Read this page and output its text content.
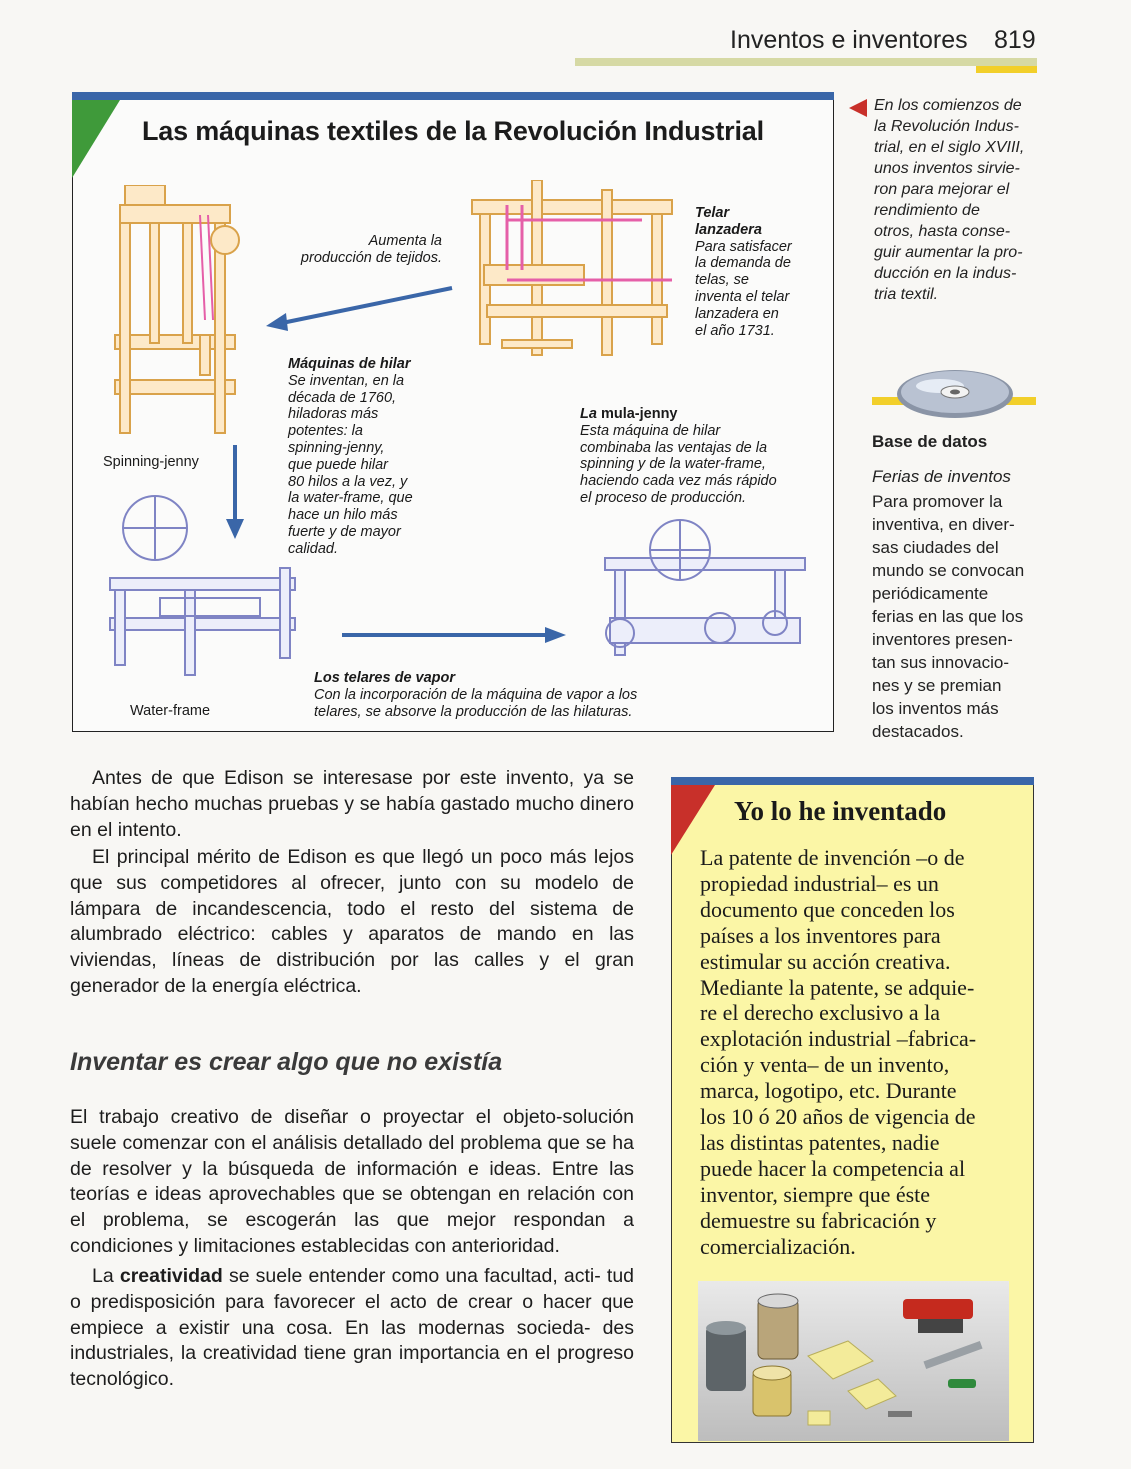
Inventos e inventores 819
Las máquinas textiles de la Revolución Industrial
Spinning-jenny
Water-frame
Aumenta la
producción de tejidos.
Telar
lanzadera
Para satisfacer
la demanda de
telas, se
inventa el telar
lanzadera en
el año 1731.
Máquinas de hilar
Se inventan, en la
década de 1760,
hiladoras más
potentes: la
spinning-jenny,
que puede hilar
80 hilos a la vez, y
la water-frame, que
hace un hilo más
fuerte y de mayor
calidad.
La mula-jenny
Esta máquina de hilar
combinaba las ventajas de la
spinning y de la water-frame,
haciendo cada vez más rápido
el proceso de producción.
Los telares de vapor
Con la incorporación de la máquina de vapor a los
telares, se absorve la producción de las hilaturas.
En los comienzos de
la Revolución Indus-
trial, en el siglo XVIII,
unos inventos sirvie-
ron para mejorar el
rendimiento de
otros, hasta conse-
guir aumentar la pro-
ducción en la indus-
tria textil.
Base de datos
Ferias de inventos
Para promover la
inventiva, en diver-
sas ciudades del
mundo se convocan
periódicamente
ferias en las que los
inventores presen-
tan sus innovacio-
nes y se premian
los inventos más
destacados.
Antes de que Edison se interesase por este invento, ya se habían hecho muchas pruebas y se había gastado mucho dinero en el intento.
El principal mérito de Edison es que llegó un poco más lejos que sus competidores al ofrecer, junto con su modelo de lámpara de incandescencia, todo el resto del sistema de alumbrado eléctrico: cables y aparatos de mando en las viviendas, líneas de distribución por las calles y el gran generador de la energía eléctrica.
Inventar es crear algo que no existía
El trabajo creativo de diseñar o proyectar el objeto-solución suele comenzar con el análisis detallado del problema que se ha de resolver y la búsqueda de información e ideas. Entre las teorías e ideas aprovechables que se obtengan en relación con el problema, se escogerán las que mejor respondan a condiciones y limitaciones establecidas con anterioridad.
La creatividad se suele entender como una facultad, acti- tud o predisposición para favorecer el acto de crear o hacer que empiece a existir una cosa. En las modernas socieda- des industriales, la creatividad tiene gran importancia en el progreso tecnológico.
Yo lo he inventado
La patente de invención –o de
propiedad industrial– es un
documento que conceden los
países a los inventores para
estimular su acción creativa.
Mediante la patente, se adquie-
re el derecho exclusivo a la
explotación industrial –fabrica-
ción y venta– de un invento,
marca, logotipo, etc. Durante
los 10 ó 20 años de vigencia de
las distintas patentes, nadie
puede hacer la competencia al
inventor, siempre que éste
demuestre su fabricación y
comercialización.
